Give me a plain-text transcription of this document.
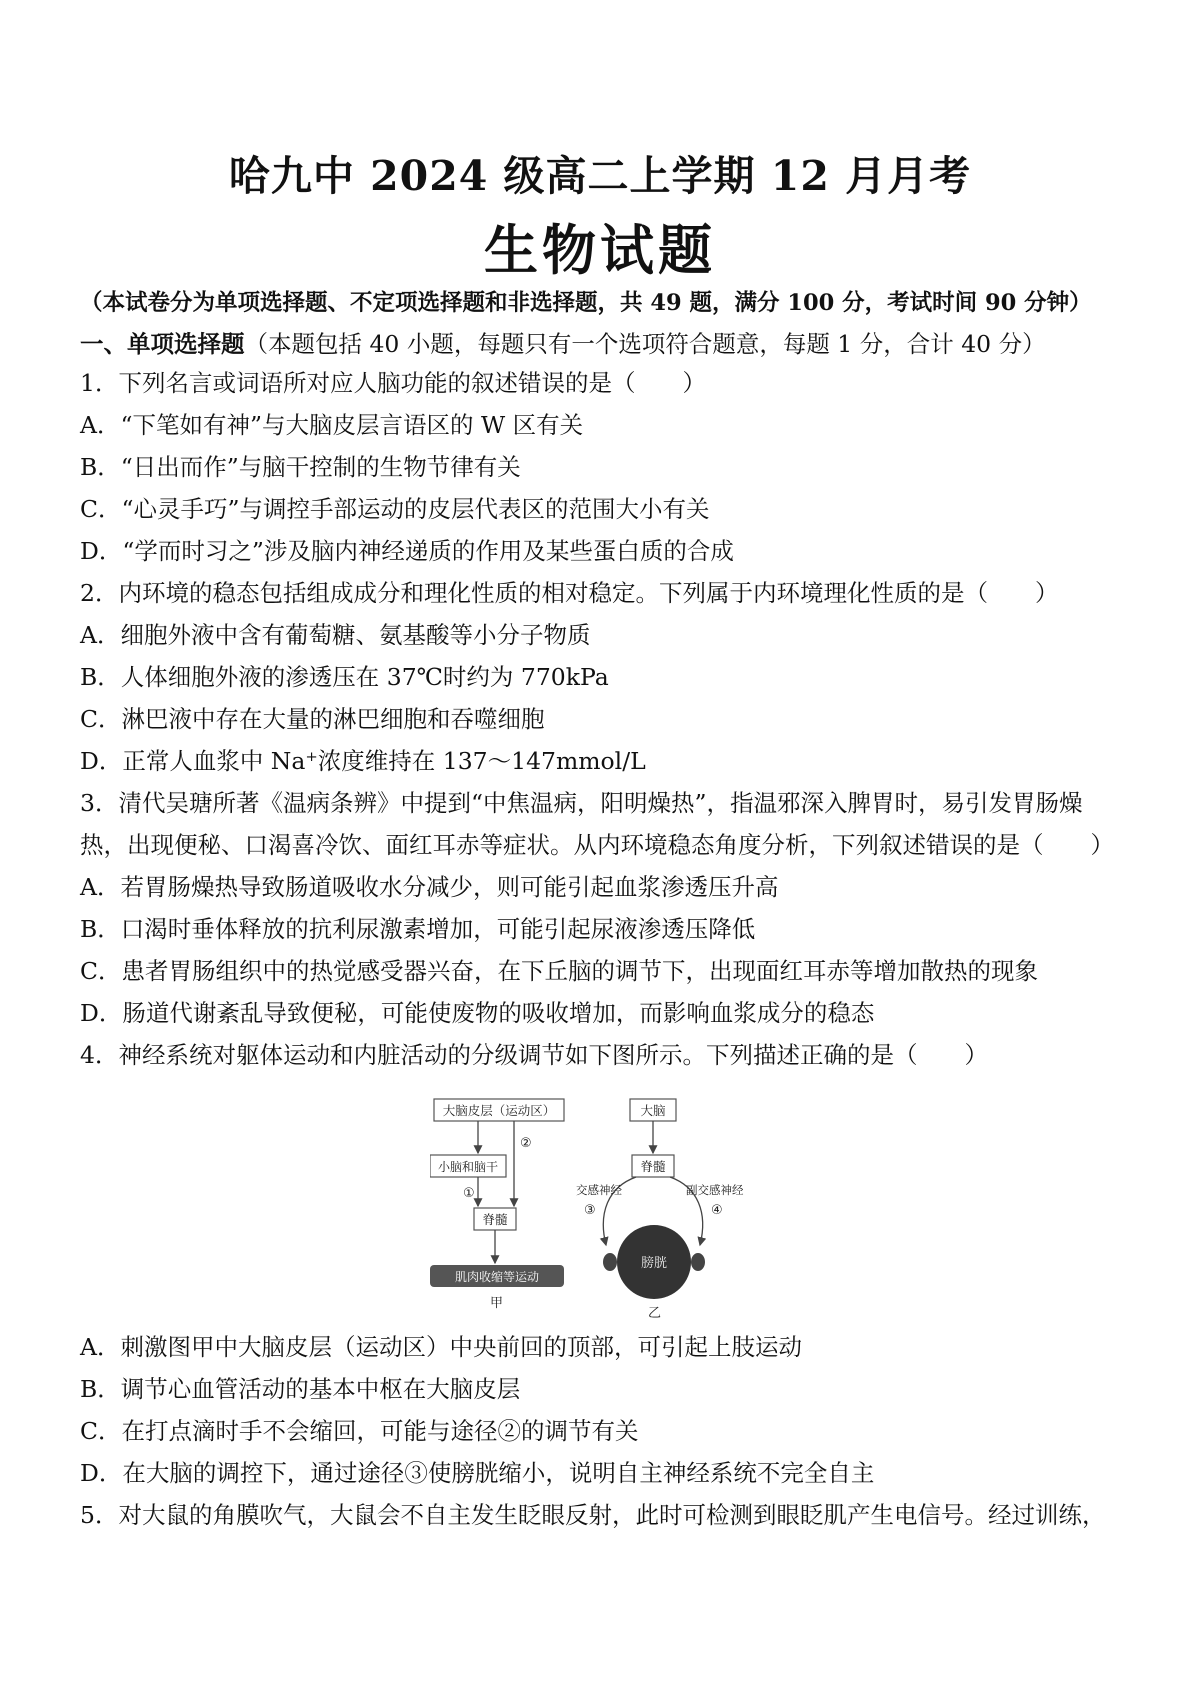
哈九中 2024 级高二上学期 12 月月考
生物试题
（本试卷分为单项选择题、不定项选择题和非选择题，共 49 题，满分 100 分，考试时间 90 分钟）
一、单项选择题（本题包括 40 小题，每题只有一个选项符合题意，每题 1 分，合计 40 分）
1．下列名言或词语所对应人脑功能的叙述错误的是（　　）
A．“下笔如有神”与大脑皮层言语区的 W 区有关
B．“日出而作”与脑干控制的生物节律有关
C．“心灵手巧”与调控手部运动的皮层代表区的范围大小有关
D．“学而时习之”涉及脑内神经递质的作用及某些蛋白质的合成
2．内环境的稳态包括组成成分和理化性质的相对稳定。下列属于内环境理化性质的是（　　）
A．细胞外液中含有葡萄糖、氨基酸等小分子物质
B．人体细胞外液的渗透压在 37℃时约为 770kPa
C．淋巴液中存在大量的淋巴细胞和吞噬细胞
D．正常人血浆中 Na⁺浓度维持在 137～147mmol/L
3．清代吴瑭所著《温病条辨》中提到“中焦温病，阳明燥热”，指温邪深入脾胃时，易引发胃肠燥
热，出现便秘、口渴喜冷饮、面红耳赤等症状。从内环境稳态角度分析，下列叙述错误的是（　　）
A．若胃肠燥热导致肠道吸收水分减少，则可能引起血浆渗透压升高
B．口渴时垂体释放的抗利尿激素增加，可能引起尿液渗透压降低
C．患者胃肠组织中的热觉感受器兴奋，在下丘脑的调节下，出现面红耳赤等增加散热的现象
D．肠道代谢紊乱导致便秘，可能使废物的吸收增加，而影响血浆成分的稳态
4．神经系统对躯体运动和内脏活动的分级调节如下图所示。下列描述正确的是（　　）
大脑皮层（运动区）
小脑和脑干
脊髓
肌肉收缩等运动
①
②
甲
大脑
脊髓
交感神经	副交感神经
③	④
膀胱
乙
A．刺激图甲中大脑皮层（运动区）中央前回的顶部，可引起上肢运动
B．调节心血管活动的基本中枢在大脑皮层
C．在打点滴时手不会缩回，可能与途径②的调节有关
D．在大脑的调控下，通过途径③使膀胱缩小，说明自主神经系统不完全自主
5．对大鼠的角膜吹气，大鼠会不自主发生眨眼反射，此时可检测到眼眨肌产生电信号。经过训练，
